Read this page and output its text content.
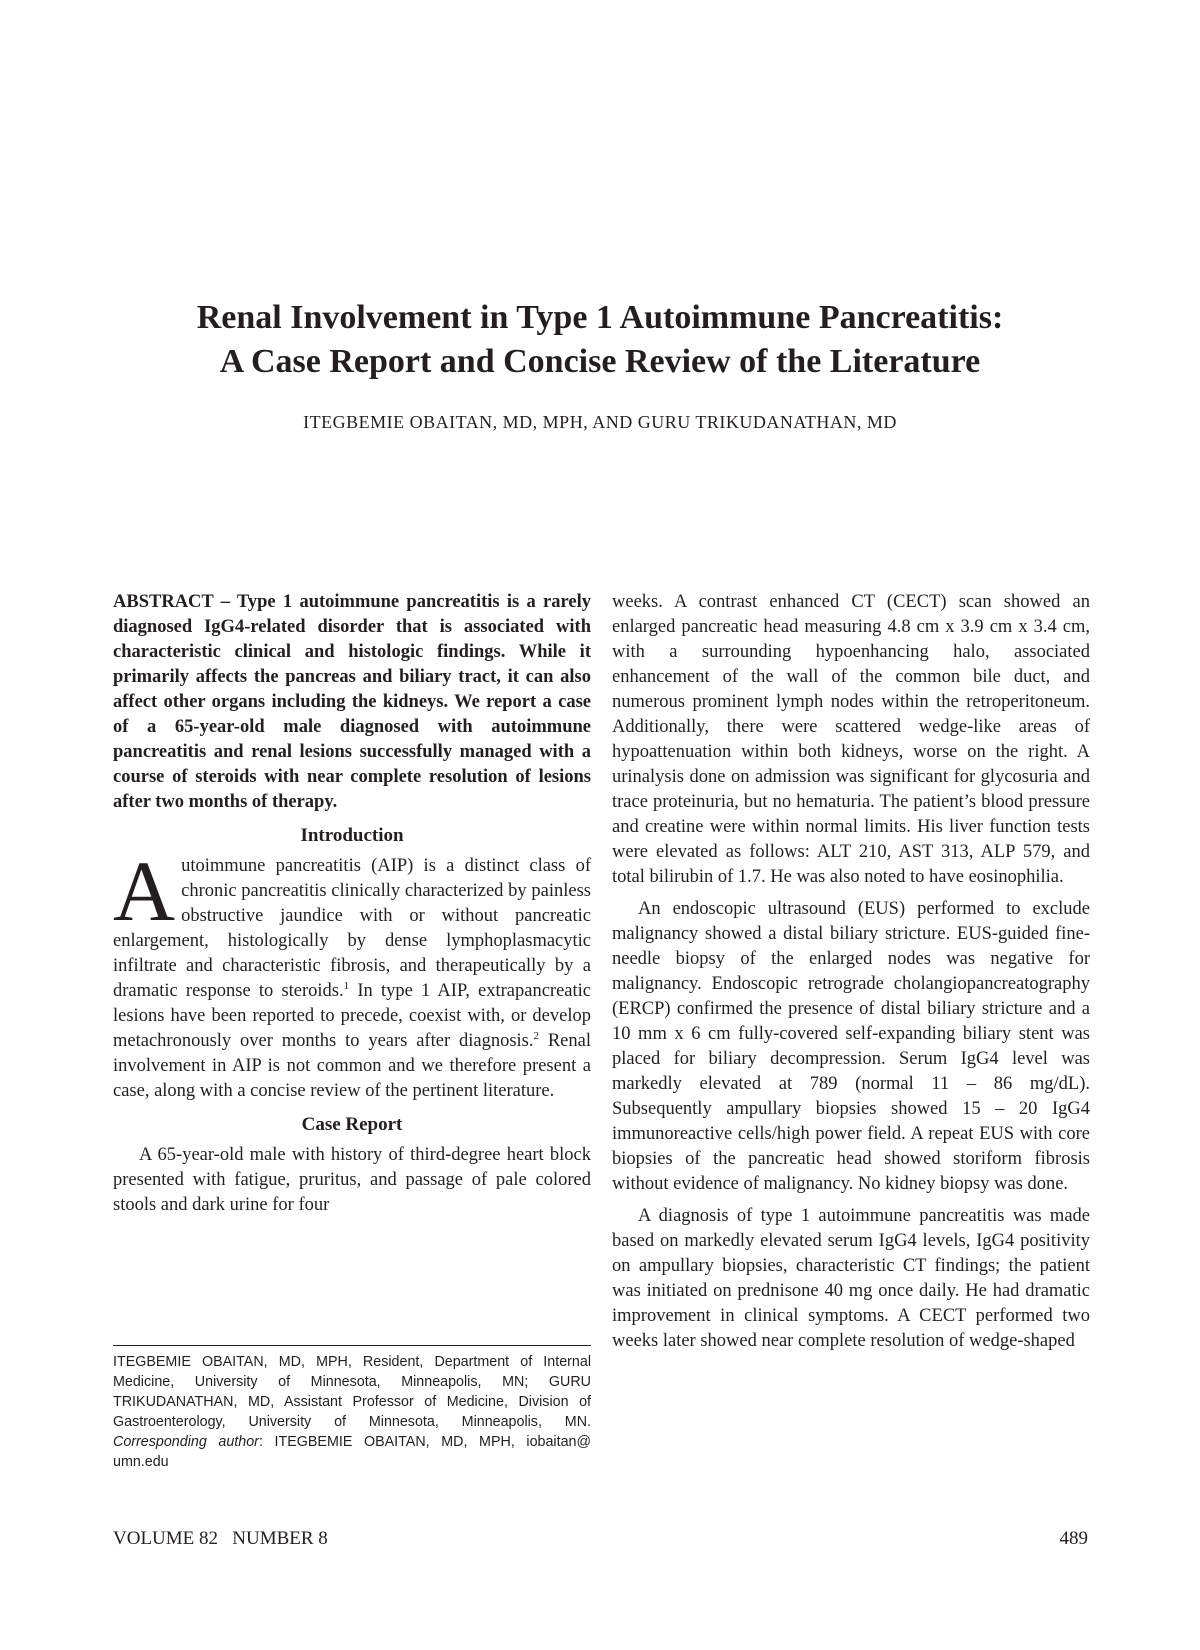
Renal Involvement in Type 1 Autoimmune Pancreatitis:
A Case Report and Concise Review of the Literature
ITEGBEMIE OBAITAN, MD, MPH, AND GURU TRIKUDANATHAN, MD

ABSTRACT – Type 1 autoimmune pancreatitis is a rarely diagnosed IgG4-related disorder that is associated with characteristic clinical and histologic findings. While it primarily affects the pancreas and biliary tract, it can also affect other organs including the kidneys. We report a case of a 65-year-old male diagnosed with autoimmune pancreatitis and renal lesions successfully managed with a course of steroids with near complete resolution of lesions after two months of therapy.

Introduction

Autoimmune pancreatitis (AIP) is a distinct class of chronic pancreatitis clinically characterized by painless obstructive jaundice with or without pancreatic enlargement, histologically by dense lymphoplasmacytic infiltrate and characteristic fibrosis, and therapeutically by a dramatic response to steroids.$^1$ In type 1 AIP, extrapancreatic lesions have been reported to precede, coexist with, or develop metachronously over months to years after diagnosis.$^2$ Renal involvement in AIP is not common and we therefore present a case, along with a concise review of the pertinent literature.

Case Report

A 65-year-old male with history of third-degree heart block presented with fatigue, pruritus, and passage of pale colored stools and dark urine for four

weeks. A contrast enhanced CT (CECT) scan showed an enlarged pancreatic head measuring 4.8 cm x 3.9 cm x 3.4 cm, with a surrounding hypoenhancing halo, associated enhancement of the wall of the common bile duct, and numerous prominent lymph nodes within the retroperitoneum. Additionally, there were scattered wedge-like areas of hypoattenuation within both kidneys, worse on the right. A urinalysis done on admission was significant for glycosuria and trace proteinuria, but no hematuria. The patient’s blood pressure and creatine were within normal limits. His liver function tests were elevated as follows: ALT 210, AST 313, ALP 579, and total bilirubin of 1.7. He was also noted to have eosinophilia.

An endoscopic ultrasound (EUS) performed to exclude malignancy showed a distal biliary stricture. EUS-guided fine-needle biopsy of the enlarged nodes was negative for malignancy. Endoscopic retrograde cholangiopancreatography (ERCP) confirmed the presence of distal biliary stricture and a 10 mm x 6 cm fully-covered self-expanding biliary stent was placed for biliary decompression. Serum IgG4 level was markedly elevated at 789 (normal 11 – 86 mg/dL). Subsequently ampullary biopsies showed 15 – 20 IgG4 immunoreactive cells/high power field. A repeat EUS with core biopsies of the pancreatic head showed storiform fibrosis without evidence of malignancy. No kidney biopsy was done.

A diagnosis of type 1 autoimmune pancreatitis was made based on markedly elevated serum IgG4 levels, IgG4 positivity on ampullary biopsies, characteristic CT findings; the patient was initiated on prednisone 40 mg once daily. He had dramatic improvement in clinical symptoms. A CECT performed two weeks later showed near complete resolution of wedge-shaped

ITEGBEMIE OBAITAN, MD, MPH, Resident, Department of Internal Medicine, University of Minnesota, Minneapolis, MN; GURU TRIKUDANATHAN, MD, Assistant Professor of Medicine, Division of Gastroenterology, University of Minnesota, Minneapolis, MN. Corresponding author: ITEGBEMIE OBAITAN, MD, MPH, iobaitan@ umn.edu
VOLUME 82   NUMBER 8	489
